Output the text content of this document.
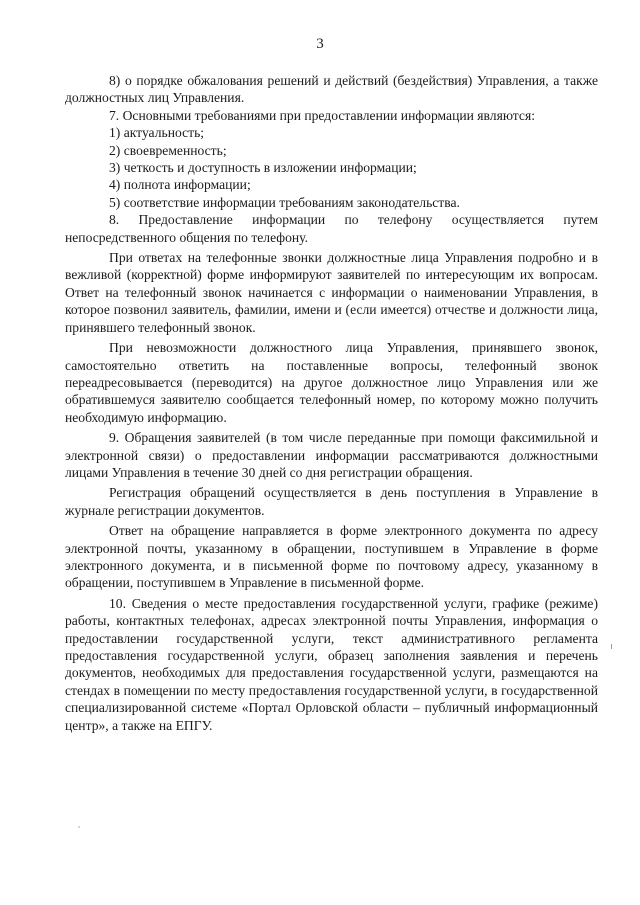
3

8) о порядке обжалования решений и действий (бездействия) Управления, а также должностных лиц Управления.

7. Основными требованиями при предоставлении информации являются:

1) актуальность;

2) своевременность;

3) четкость и доступность в изложении информации;

4) полнота информации;

5) соответствие информации требованиям законодательства.

8. Предоставление информации по телефону осуществляется путем непосредственного общения по телефону.

При ответах на телефонные звонки должностные лица Управления подробно и в вежливой (корректной) форме информируют заявителей по интересующим их вопросам. Ответ на телефонный звонок начинается с информации о наименовании Управления, в которое позвонил заявитель, фамилии, имени и (если имеется) отчестве и должности лица, принявшего телефонный звонок.

При невозможности должностного лица Управления, принявшего звонок, самостоятельно ответить на поставленные вопросы, телефонный звонок переадресовывается (переводится) на другое должностное лицо Управления или же обратившемуся заявителю сообщается телефонный номер, по которому можно получить необходимую информацию.

9. Обращения заявителей (в том числе переданные при помощи факсимильной и электронной связи) о предоставлении информации рассматриваются должностными лицами Управления в течение 30 дней со дня регистрации обращения.

Регистрация обращений осуществляется в день поступления в Управление в журнале регистрации документов.

Ответ на обращение направляется в форме электронного документа по адресу электронной почты, указанному в обращении, поступившем в Управление в форме электронного документа, и в письменной форме по почтовому адресу, указанному в обращении, поступившем в Управление в письменной форме.

10. Сведения о месте предоставления государственной услуги, графике (режиме) работы, контактных телефонах, адресах электронной почты Управления, информация о предоставлении государственной услуги, текст административного регламента предоставления государственной услуги, образец заполнения заявления и перечень документов, необходимых для предоставления государственной услуги, размещаются на стендах в помещении по месту предоставления государственной услуги, в государственной специализированной системе «Портал Орловской области – публичный информационный центр», а также на ЕПГУ.
